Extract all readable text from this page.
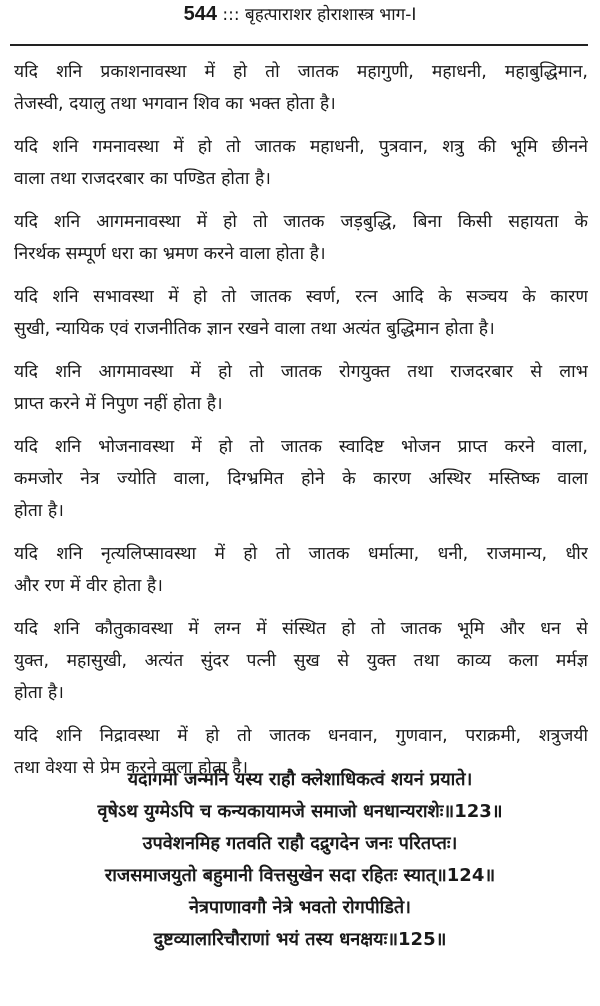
544 ::: बृहत्पाराशर होराशास्त्र भाग-I
यदि शनि प्रकाशनावस्था में हो तो जातक महागुणी, महाधनी, महाबुद्धिमान,
तेजस्वी, दयालु तथा भगवान शिव का भक्त होता है।
यदि शनि गमनावस्था में हो तो जातक महाधनी, पुत्रवान, शत्रु की भूमि छीनने
वाला तथा राजदरबार का पण्डित होता है।
यदि शनि आगमनावस्था में हो तो जातक जड़बुद्धि, बिना किसी सहायता के
निरर्थक सम्पूर्ण धरा का भ्रमण करने वाला होता है।
यदि शनि सभावस्था में हो तो जातक स्वर्ण, रत्न आदि के सञ्चय के कारण
सुखी, न्यायिक एवं राजनीतिक ज्ञान रखने वाला तथा अत्यंत बुद्धिमान होता है।
यदि शनि आगमावस्था में हो तो जातक रोगयुक्त तथा राजदरबार से लाभ
प्राप्त करने में निपुण नहीं होता है।
यदि शनि भोजनावस्था में हो तो जातक स्वादिष्ट भोजन प्राप्त करने वाला,
कमजोर नेत्र ज्योति वाला, दिग्भ्रमित होने के कारण अस्थिर मस्तिष्क वाला
होता है।
यदि शनि नृत्यलिप्सावस्था में हो तो जातक धर्मात्मा, धनी, राजमान्य, धीर
और रण में वीर होता है।
यदि शनि कौतुकावस्था में लग्न में संस्थित हो तो जातक भूमि और धन से
युक्त, महासुखी, अत्यंत सुंदर पत्नी सुख से युक्त तथा काव्य कला मर्मज्ञ
होता है।
यदि शनि निद्रावस्था में हो तो जातक धनवान, गुणवान, पराक्रमी, शत्रुजयी
तथा वेश्या से प्रेम करने वाला होता है।
यदागमो जन्मनि यस्य राहौ क्लेशाधिकत्वं शयनं प्रयाते।
वृषेऽथ युग्मेऽपि च कन्यकायामजे समाजो धनधान्यराशेः॥123॥
उपवेशनमिह गतवति राहौ दद्रुगदेन जनः परितप्तः।
राजसमाजयुतो बहुमानी वित्तसुखेन सदा रहितः स्यात्॥124॥
नेत्रपाणावगौ नेत्रे भवतो रोगपीडिते।
दुष्टव्यालारिचौराणां भयं तस्य धनक्षयः॥125॥
